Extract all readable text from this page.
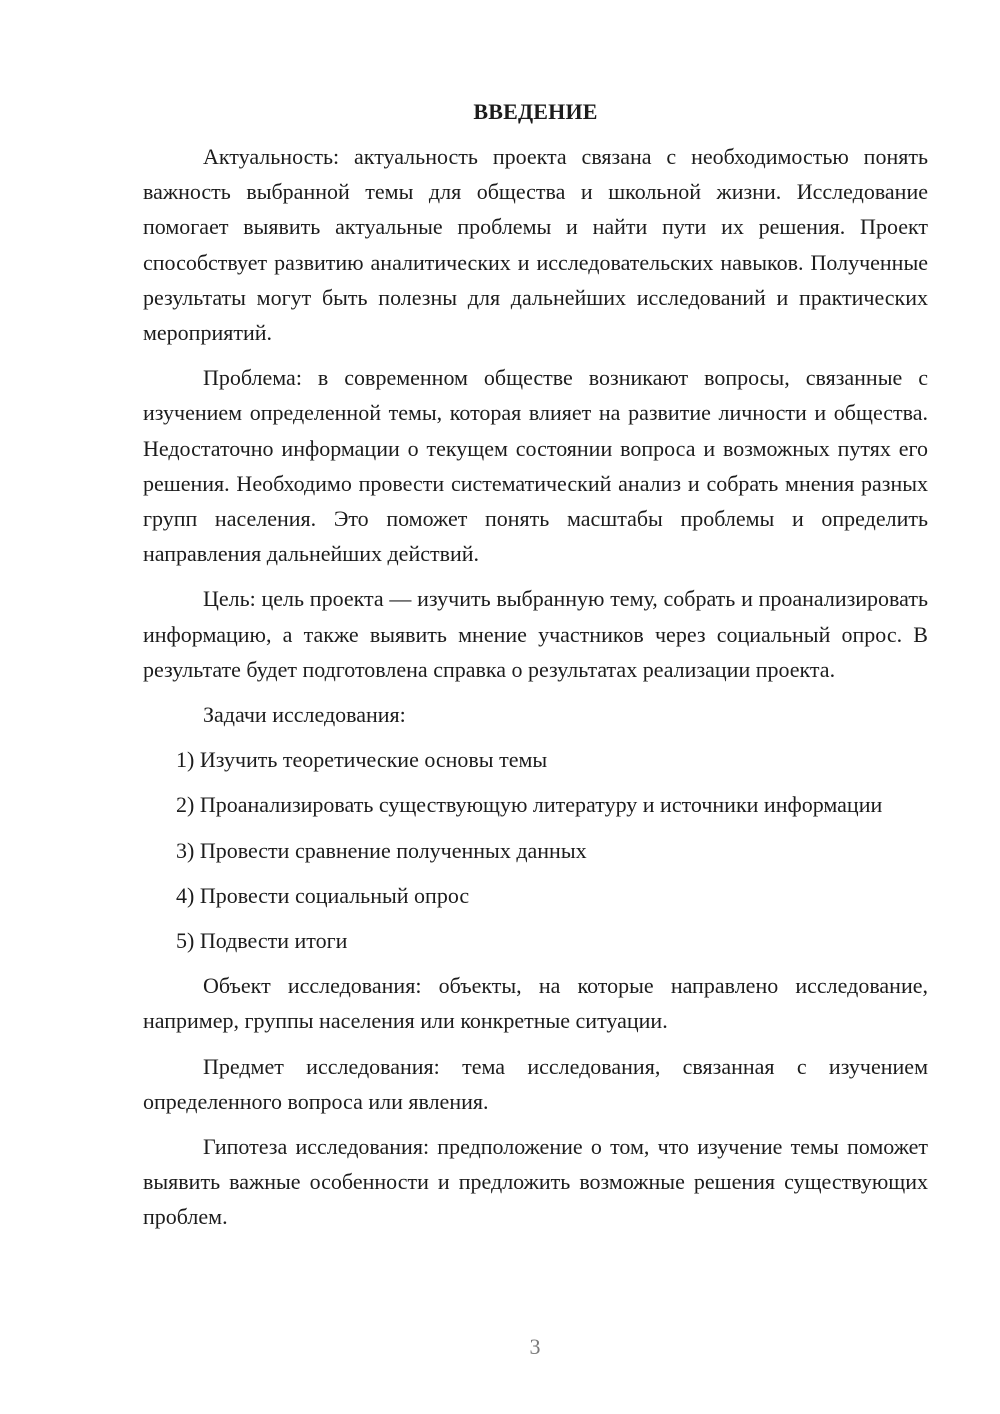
ВВЕДЕНИЕ

Актуальность: актуальность проекта связана с необходимостью понять важность выбранной темы для общества и школьной жизни. Исследование помогает выявить актуальные проблемы и найти пути их решения. Проект способствует развитию аналитических и исследовательских навыков. Полученные результаты могут быть полезны для дальнейших исследований и практических мероприятий.

Проблема: в современном обществе возникают вопросы, связанные с изучением определенной темы, которая влияет на развитие личности и общества. Недостаточно информации о текущем состоянии вопроса и возможных путях его решения. Необходимо провести систематический анализ и собрать мнения разных групп населения. Это поможет понять масштабы проблемы и определить направления дальнейших действий.

Цель: цель проекта — изучить выбранную тему, собрать и проанализировать информацию, а также выявить мнение участников через социальный опрос. В результате будет подготовлена справка о результатах реализации проекта.

Задачи исследования:

1) Изучить теоретические основы темы

2) Проанализировать существующую литературу и источники информации

3) Провести сравнение полученных данных

4) Провести социальный опрос

5) Подвести итоги

Объект исследования: объекты, на которые направлено исследование, например, группы населения или конкретные ситуации.

Предмет исследования: тема исследования, связанная с изучением определенного вопроса или явления.

Гипотеза исследования: предположение о том, что изучение темы поможет выявить важные особенности и предложить возможные решения существующих проблем.

3
